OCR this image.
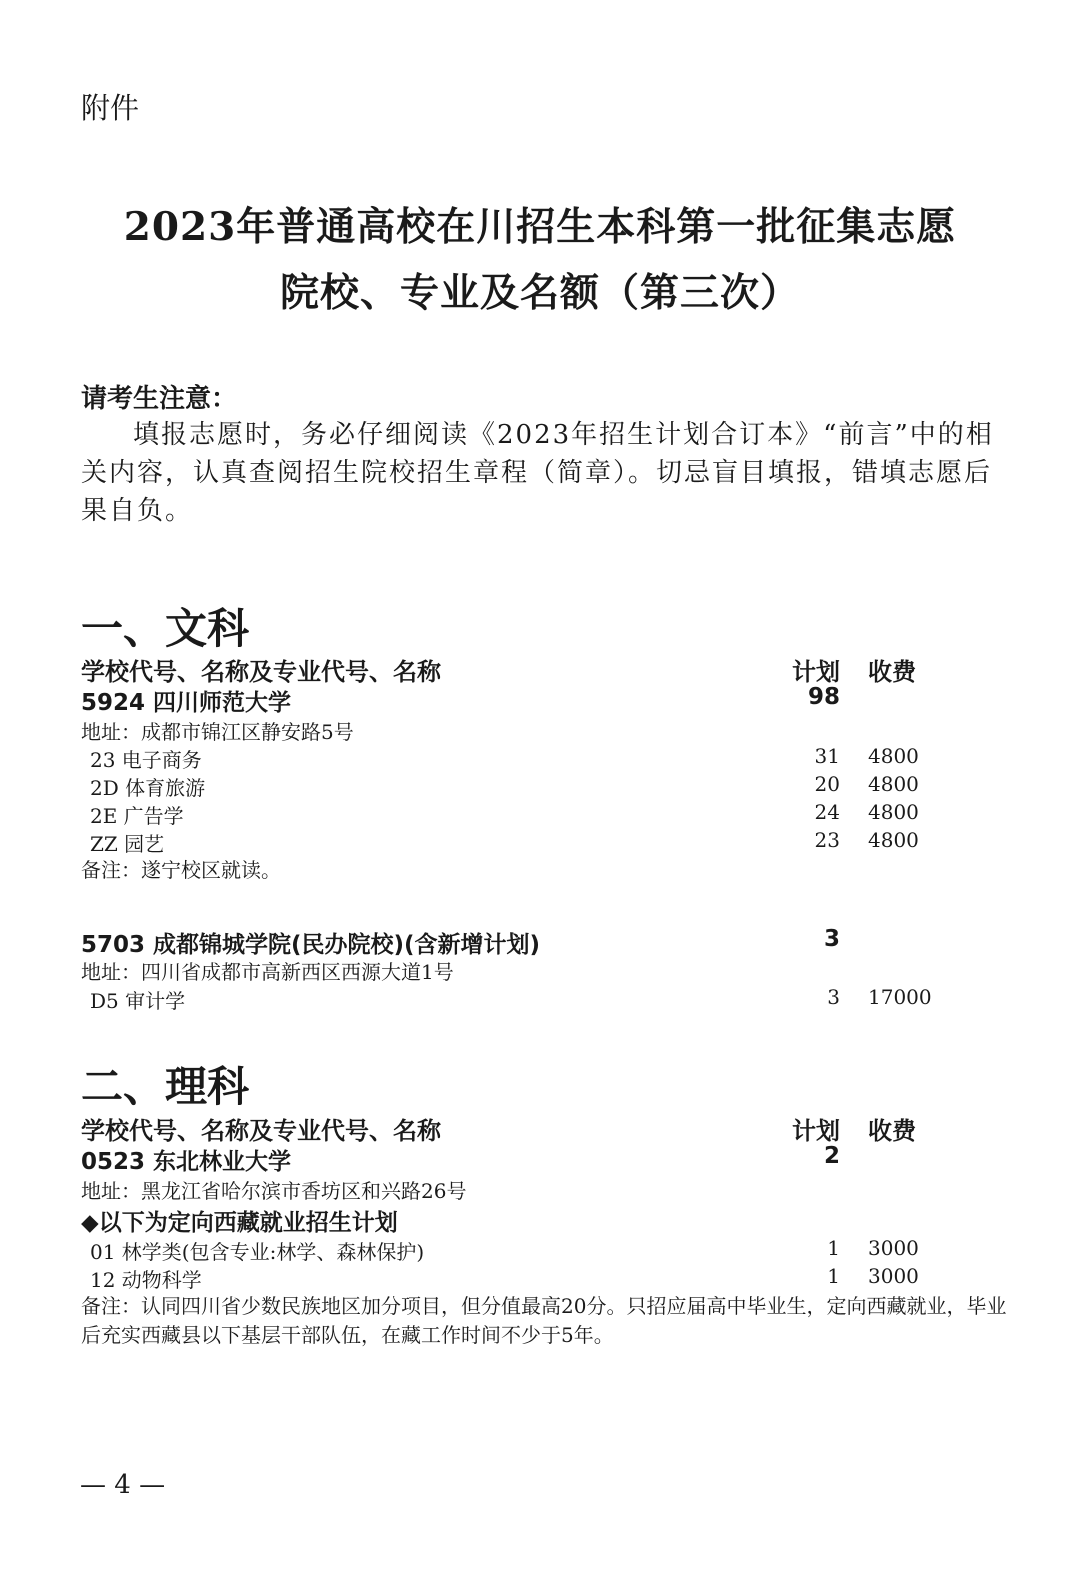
附件
2023年普通高校在川招生本科第一批征集志愿
院校、专业及名额（第三次）
请考生注意：
填报志愿时，务必仔细阅读《2023年招生计划合订本》“前言”中的相关内容，认真查阅招生院校招生章程（简章）。切忌盲目填报，错填志愿后果自负。
一、文科
学校代号、名称及专业代号、名称	计划 收费
5924 四川师范大学	98
地址：成都市锦江区静安路5号
23 电子商务	31 4800
2D 体育旅游	20 4800
2E 广告学	24 4800
ZZ 园艺	23 4800
备注：遂宁校区就读。
5703 成都锦城学院(民办院校)(含新增计划)	3
地址：四川省成都市高新西区西源大道1号
D5 审计学	3 17000
二、理科
学校代号、名称及专业代号、名称	计划 收费
0523 东北林业大学	2
地址：黑龙江省哈尔滨市香坊区和兴路26号
◆以下为定向西藏就业招生计划
01 林学类(包含专业:林学、森林保护)	1 3000
12 动物科学	1 3000
备注：认同四川省少数民族地区加分项目，但分值最高20分。只招应届高中毕业生，定向西藏就业，毕业后充实西藏县以下基层干部队伍，在藏工作时间不少于5年。
— 4 —
